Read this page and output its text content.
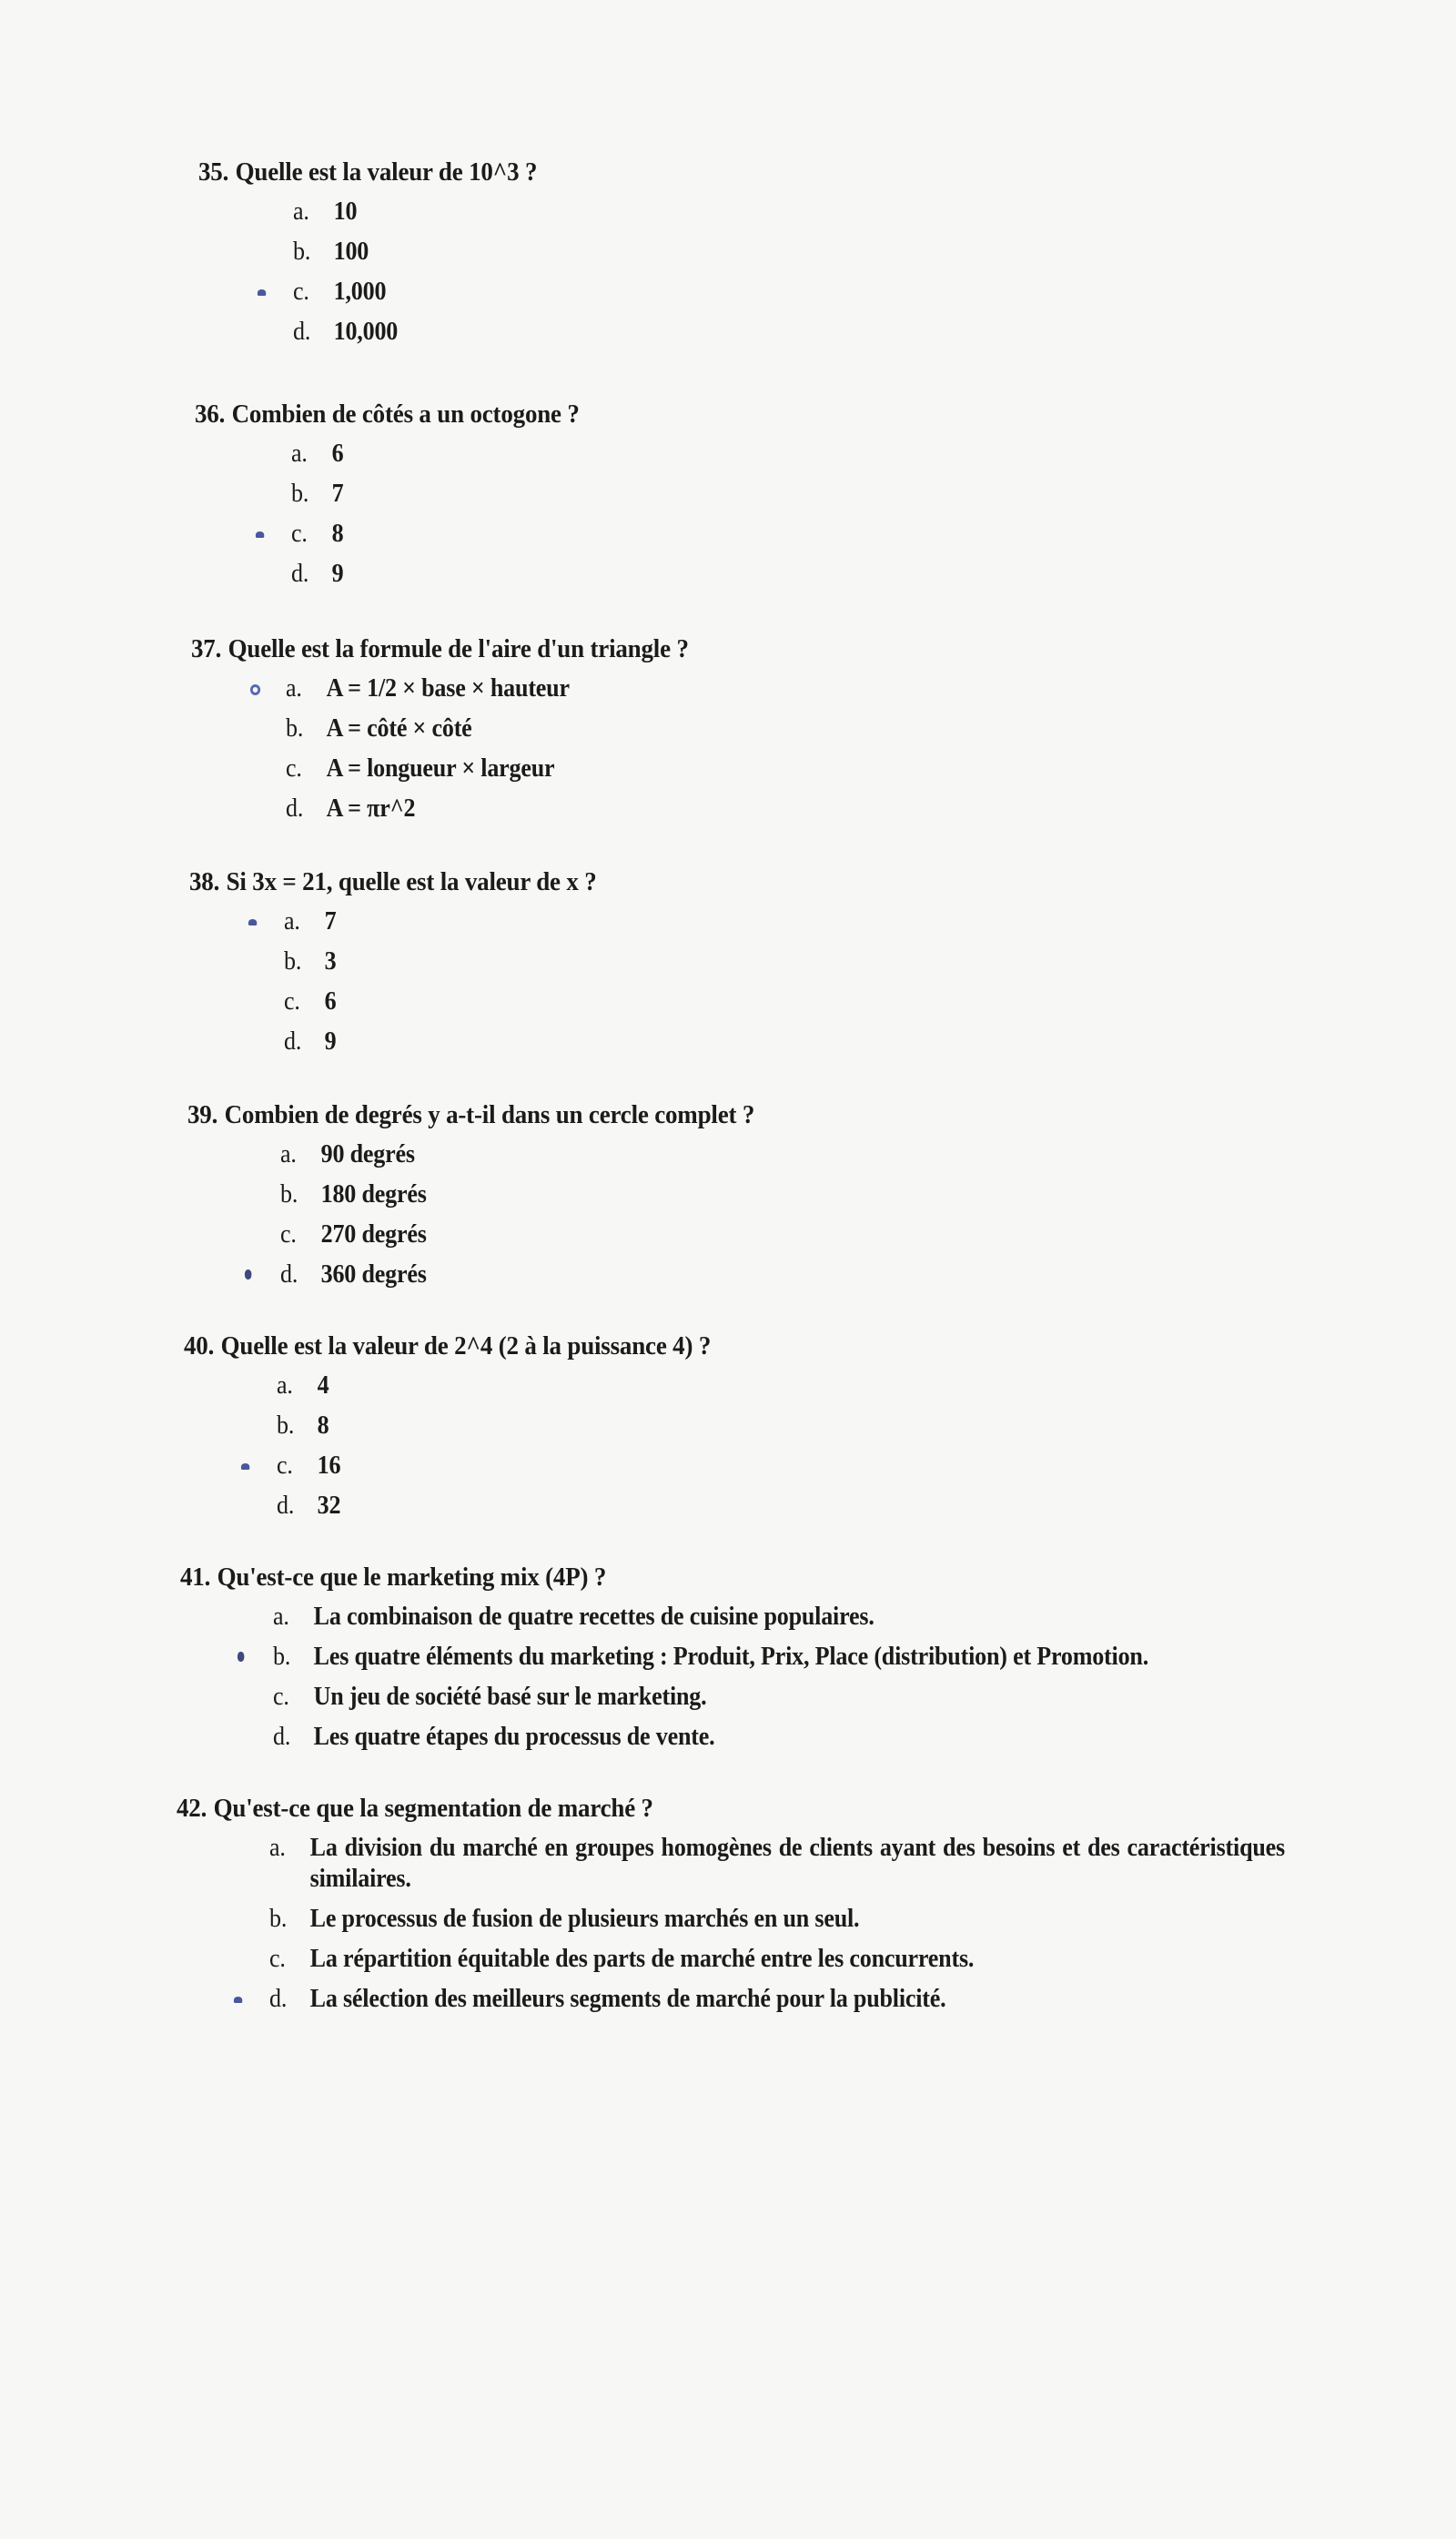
35. Quelle est la valeur de 10^3 ?
a. 10
b. 100
c. 1,000
d. 10,000
36. Combien de côtés a un octogone ?
a. 6
b. 7
c. 8
d. 9
37. Quelle est la formule de l'aire d'un triangle ?
a. A = 1/2 × base × hauteur
b. A = côté × côté
c. A = longueur × largeur
d. A = πr^2
38. Si 3x = 21, quelle est la valeur de x ?
a. 7
b. 3
c. 6
d. 9
39. Combien de degrés y a-t-il dans un cercle complet ?
a. 90 degrés
b. 180 degrés
c. 270 degrés
d. 360 degrés
40. Quelle est la valeur de 2^4 (2 à la puissance 4) ?
a. 4
b. 8
c. 16
d. 32
41. Qu'est-ce que le marketing mix (4P) ?
a. La combinaison de quatre recettes de cuisine populaires.
b. Les quatre éléments du marketing : Produit, Prix, Place (distribution) et Promotion.
c. Un jeu de société basé sur le marketing.
d. Les quatre étapes du processus de vente.
42. Qu'est-ce que la segmentation de marché ?
a. La division du marché en groupes homogènes de clients ayant des besoins et des caractéristiques similaires.
b. Le processus de fusion de plusieurs marchés en un seul.
c. La répartition équitable des parts de marché entre les concurrents.
d. La sélection des meilleurs segments de marché pour la publicité.
